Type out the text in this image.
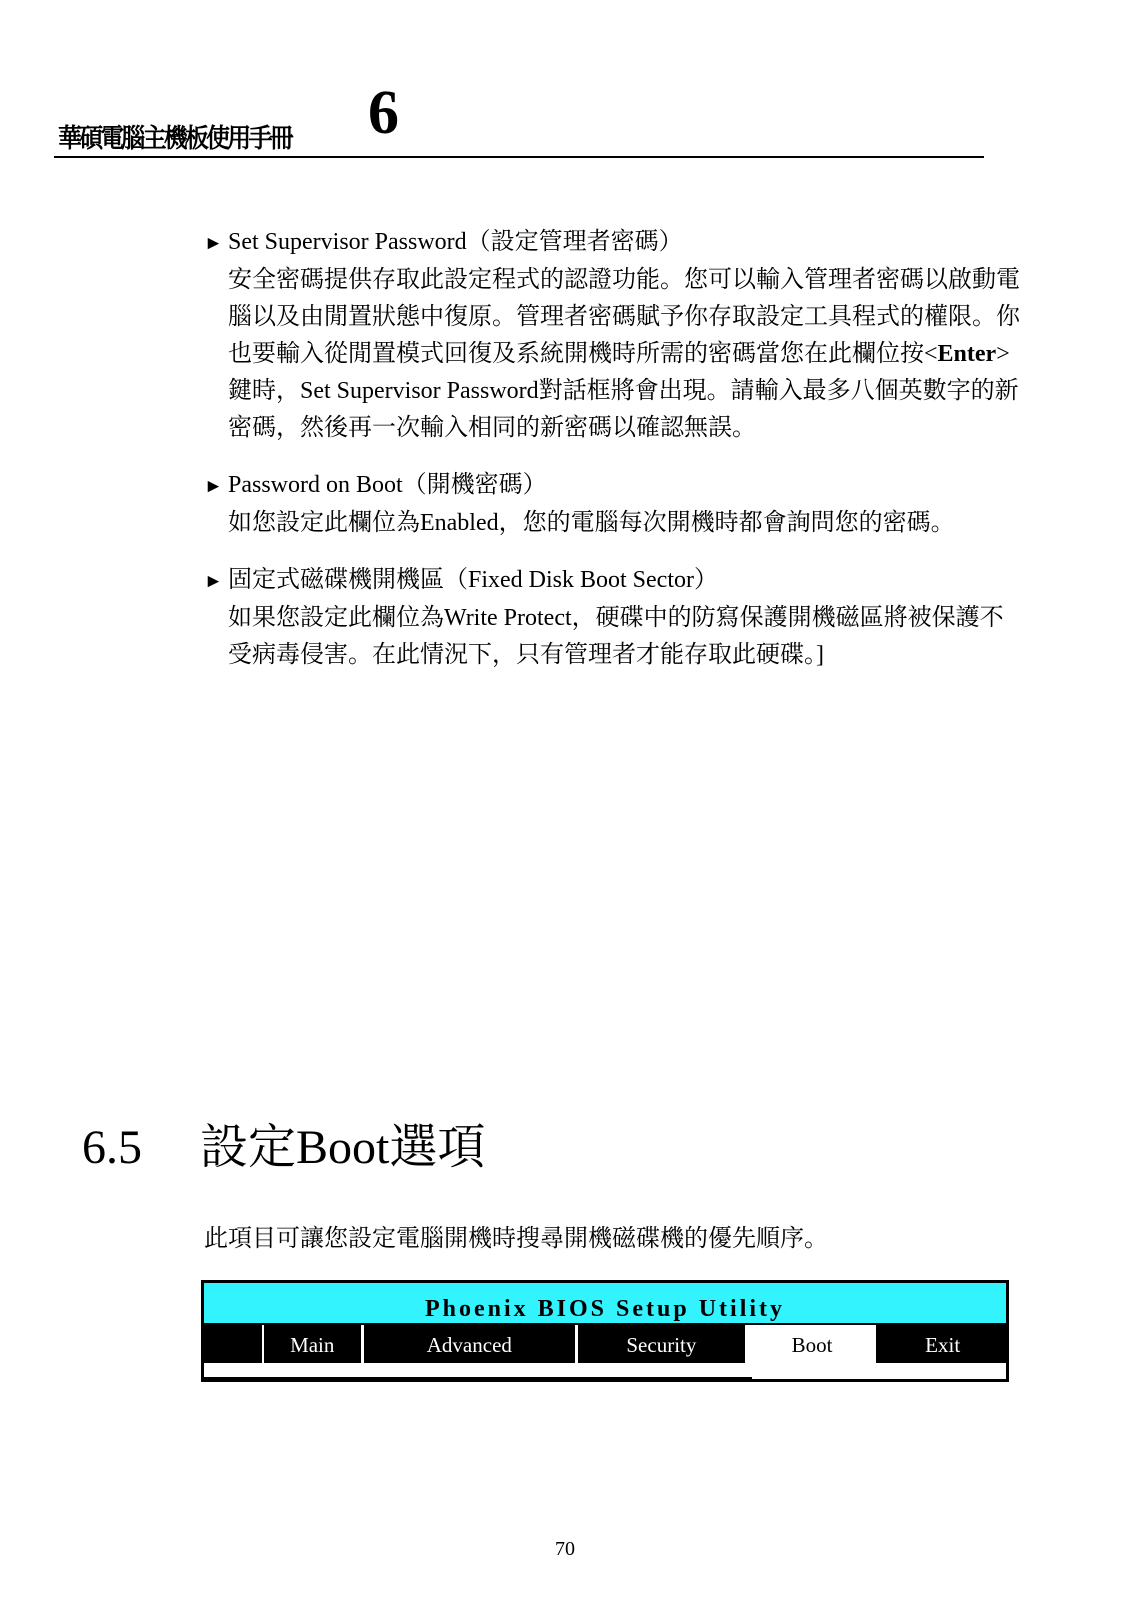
華碩電腦主機板使用手冊 6
► Set Supervisor Password（設定管理者密碼）
安全密碼提供存取此設定程式的認證功能。您可以輸入管理者密碼以啟動電腦以及由閒置狀態中復原。管理者密碼賦予你存取設定工具程式的權限。你也要輸入從閒置模式回復及系統開機時所需的密碼當您在此欄位按<Enter>鍵時，Set Supervisor Password對話框將會出現。請輸入最多八個英數字的新密碼，然後再一次輸入相同的新密碼以確認無誤。
► Password on Boot（開機密碼）
如您設定此欄位為Enabled，您的電腦每次開機時都會詢問您的密碼。
► 固定式磁碟機開機區（Fixed Disk Boot Sector）
如果您設定此欄位為Write Protect，硬碟中的防寫保護開機磁區將被保護不受病毒侵害。在此情況下，只有管理者才能存取此硬碟。]
6.5 設定Boot選項
此項目可讓您設定電腦開機時搜尋開機磁碟機的優先順序。
Phoenix BIOS Setup Utility
Main	Advanced	Security	Boot	Exit
70
